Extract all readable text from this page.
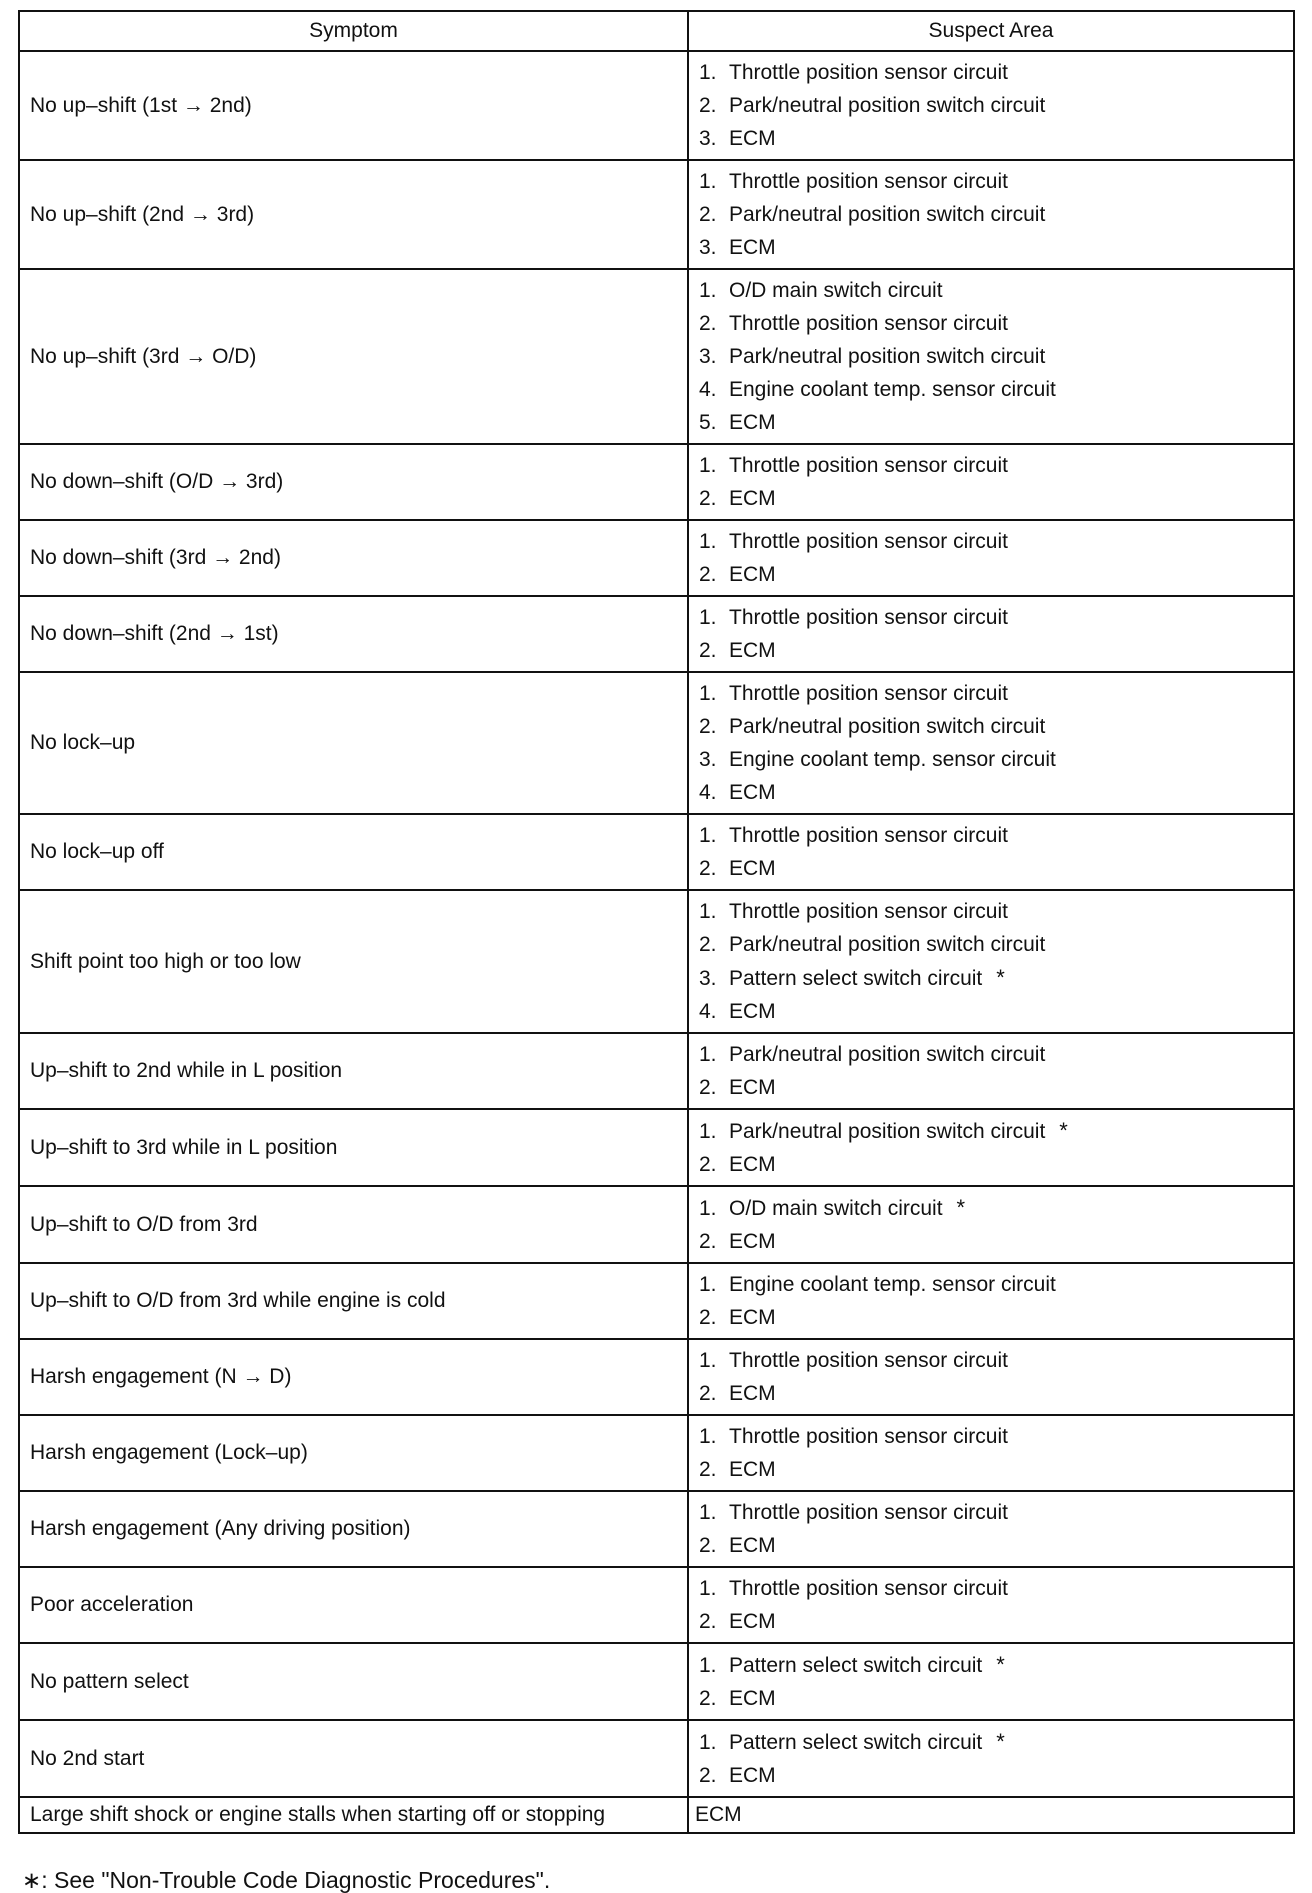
Symptom	Suspect Area
No up–shift (1st → 2nd)	1. Throttle position sensor circuit
2. Park/neutral position switch circuit
3. ECM

No up–shift (2nd → 3rd)	1. Throttle position sensor circuit
2. Park/neutral position switch circuit
3. ECM

No up–shift (3rd → O/D)	1. O/D main switch circuit
2. Throttle position sensor circuit
3. Park/neutral position switch circuit
4. Engine coolant temp. sensor circuit
5. ECM

No down–shift (O/D → 3rd)	1. Throttle position sensor circuit
2. ECM

No down–shift (3rd → 2nd)	1. Throttle position sensor circuit
2. ECM

No down–shift (2nd → 1st)	1. Throttle position sensor circuit
2. ECM

No lock–up	1. Throttle position sensor circuit
2. Park/neutral position switch circuit
3. Engine coolant temp. sensor circuit
4. ECM

No lock–up off	1. Throttle position sensor circuit
2. ECM

Shift point too high or too low	1. Throttle position sensor circuit
2. Park/neutral position switch circuit
3. Pattern select switch circuit *
4. ECM

Up–shift to 2nd while in L position	1. Park/neutral position switch circuit
2. ECM

Up–shift to 3rd while in L position	1. Park/neutral position switch circuit *
2. ECM

Up–shift to O/D from 3rd	1. O/D main switch circuit *
2. ECM

Up–shift to O/D from 3rd while engine is cold	1. Engine coolant temp. sensor circuit
2. ECM

Harsh engagement (N → D)	1. Throttle position sensor circuit
2. ECM

Harsh engagement (Lock–up)	1. Throttle position sensor circuit
2. ECM

Harsh engagement (Any driving position)	1. Throttle position sensor circuit
2. ECM

Poor acceleration	1. Throttle position sensor circuit
2. ECM

No pattern select	1. Pattern select switch circuit *
2. ECM

No 2nd start	1. Pattern select switch circuit *
2. ECM

Large shift shock or engine stalls when starting off or stopping	ECM
∗: See "Non-Trouble Code Diagnostic Procedures".
